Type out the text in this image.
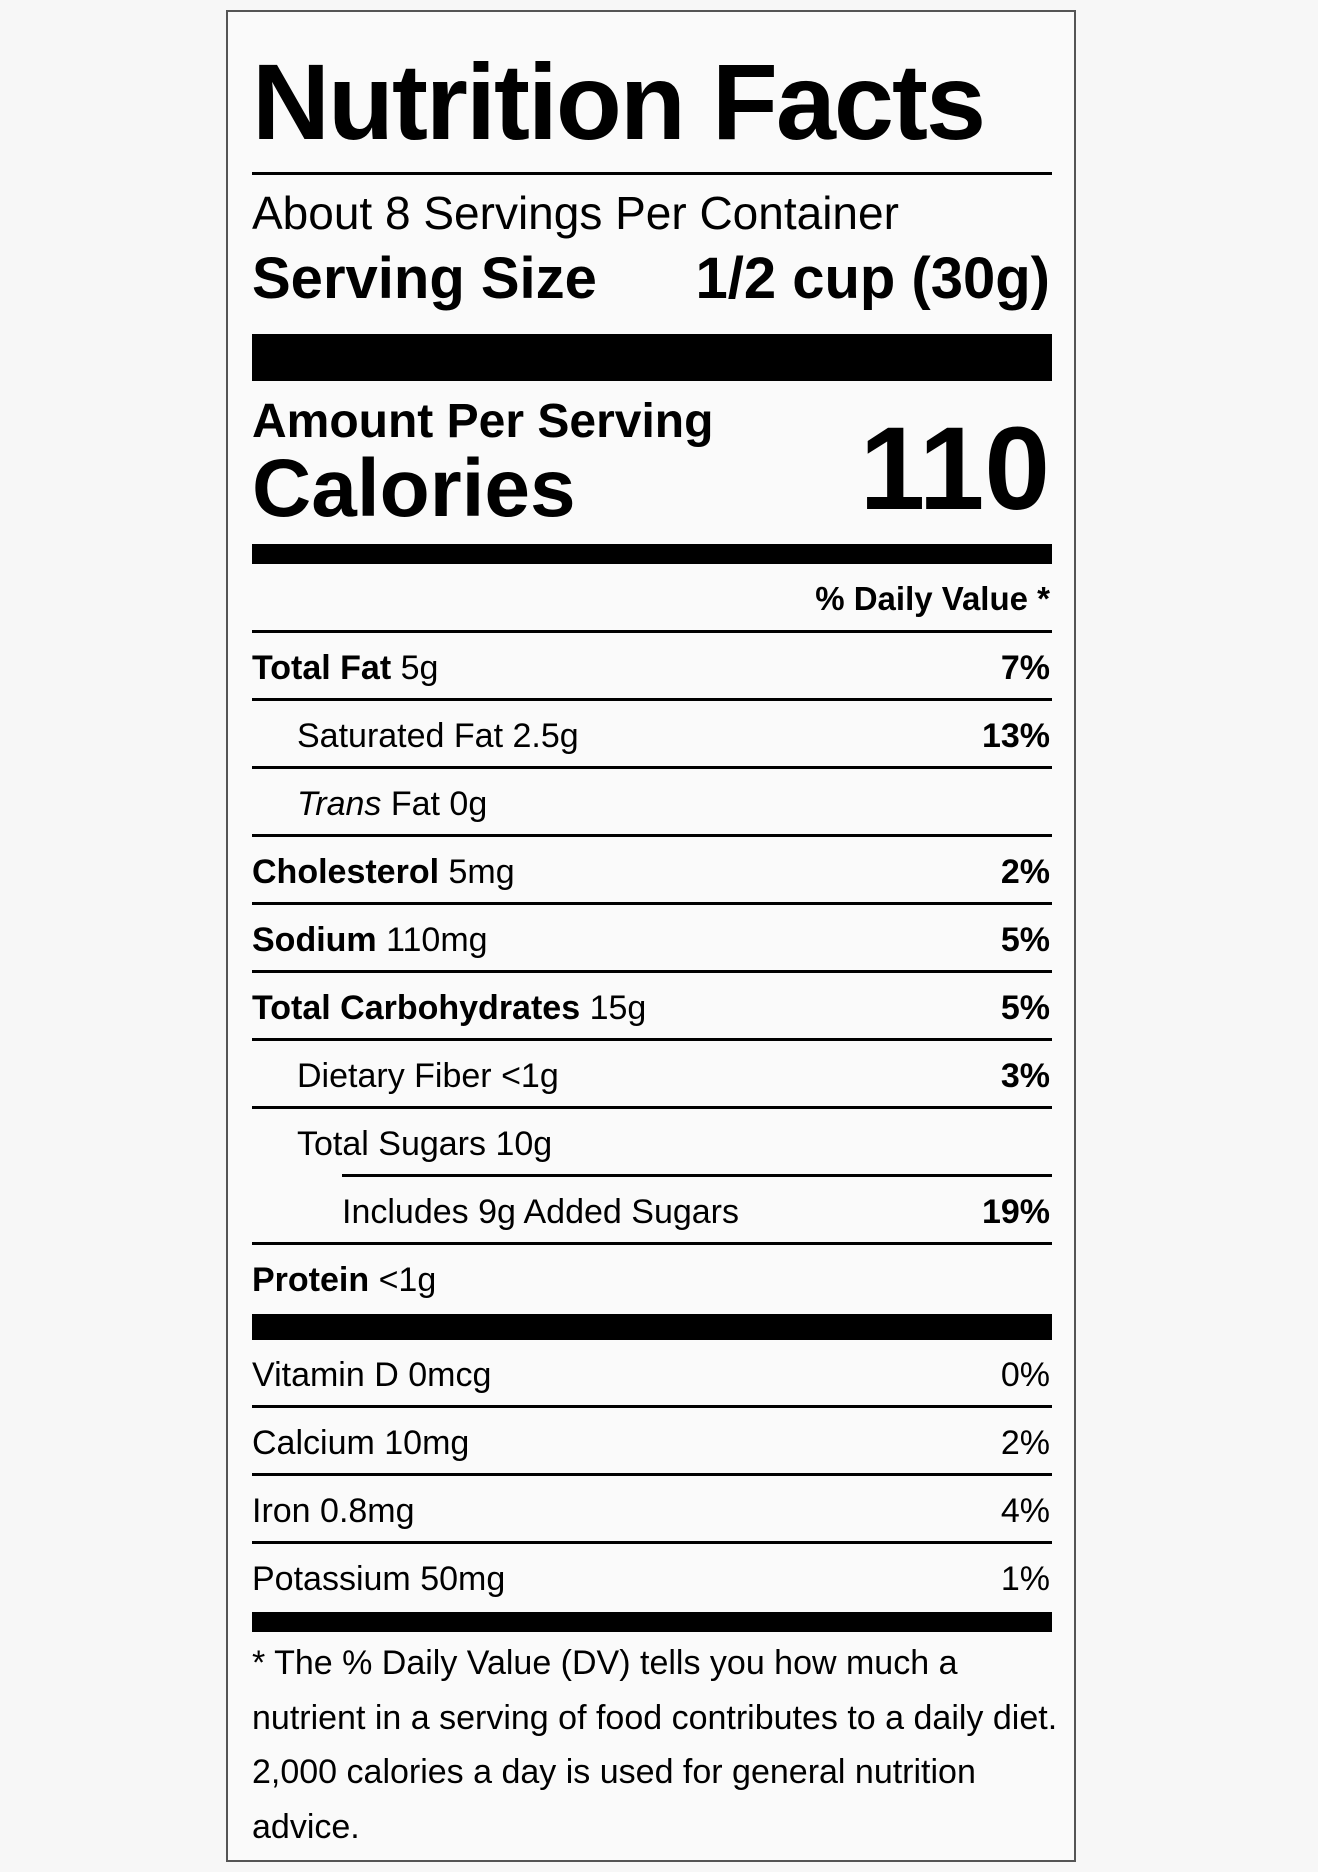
Nutrition Facts
About 8 Servings Per Container
Serving Size 1/2 cup (30g)
Amount Per Serving
Calories 110
% Daily Value *
Total Fat 5g	7%
Saturated Fat 2.5g	13%
Trans Fat 0g
Cholesterol 5mg	2%
Sodium 110mg	5%
Total Carbohydrates 15g	5%
Dietary Fiber <1g	3%
Total Sugars 10g
Includes 9g Added Sugars	19%
Protein <1g
Vitamin D 0mcg	0%
Calcium 10mg	2%
Iron 0.8mg	4%
Potassium 50mg	1%
* The % Daily Value (DV) tells you how much a nutrient in a serving of food contributes to a daily diet. 2,000 calories a day is used for general nutrition advice.
